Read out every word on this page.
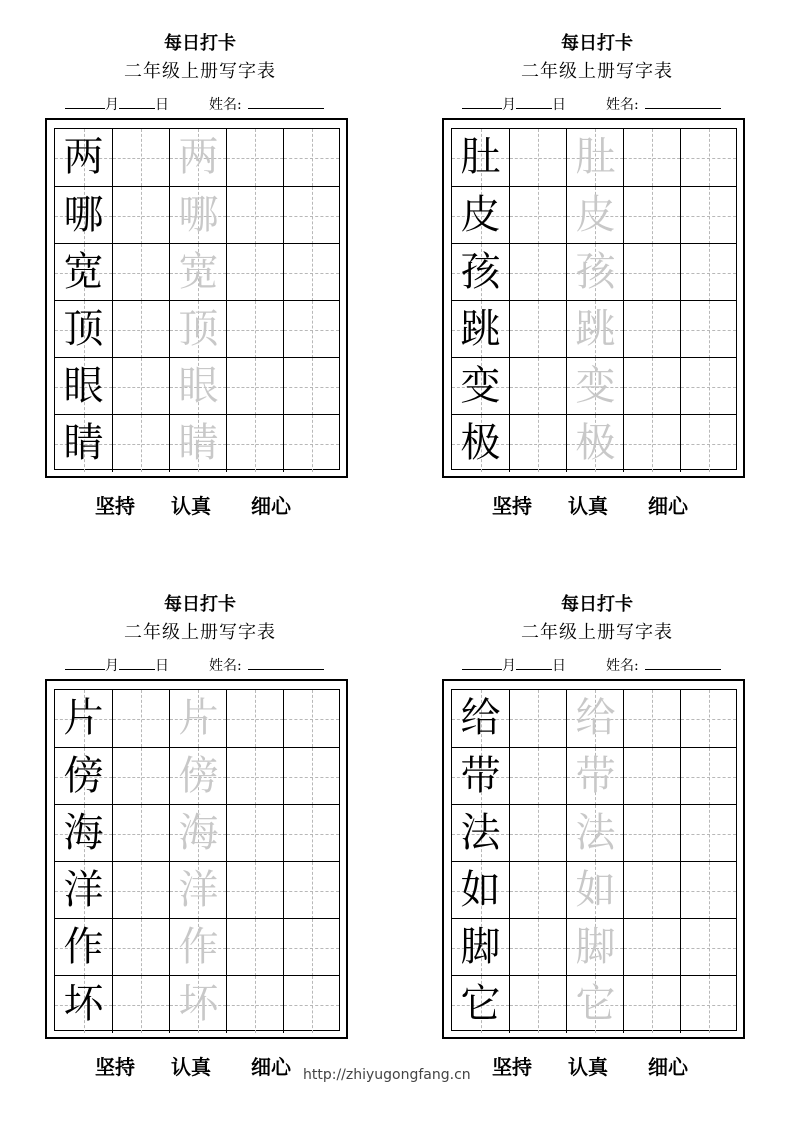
每日打卡
二年级上册写字表
月	日	姓名:
两 两
哪 哪
宽 宽
顶 顶
眼 眼
睛 睛
坚持 认真 细心
每日打卡
二年级上册写字表
月	日	姓名:
肚 肚
皮 皮
孩 孩
跳 跳
变 变
极 极
坚持 认真 细心
每日打卡
二年级上册写字表
月	日	姓名:
片 片
傍 傍
海 海
洋 洋
作 作
坏 坏
坚持 认真 细心
每日打卡
二年级上册写字表
月	日	姓名:
给 给
带 带
法 法
如 如
脚 脚
它 它
坚持 认真 细心
http://zhiyugongfang.cn
